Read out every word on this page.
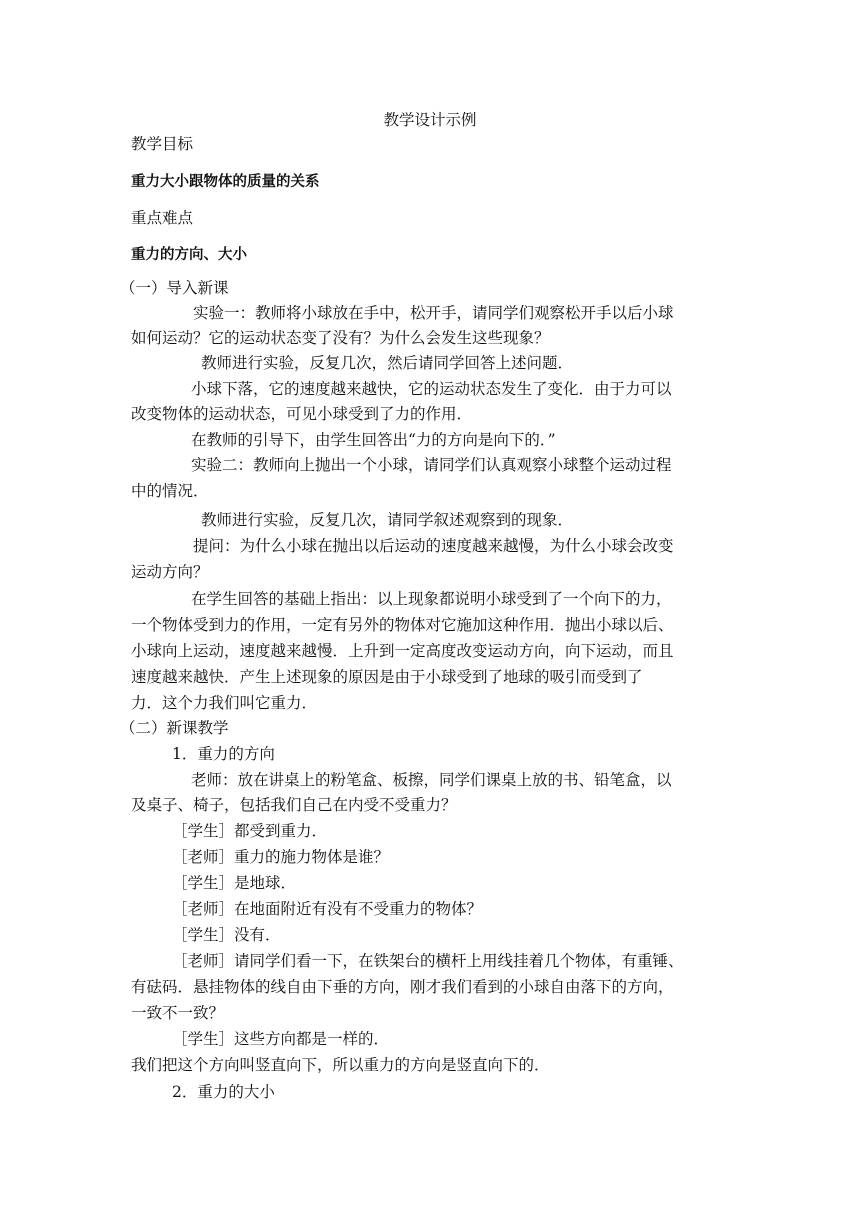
教学设计示例
教学目标
重力大小跟物体的质量的关系
重点难点
重力的方向、大小
（一）导入新课
实验一：教师将小球放在手中，松开手，请同学们观察松开手以后小球
如何运动？它的运动状态变了没有？为什么会发生这些现象？
教师进行实验，反复几次，然后请同学回答上述问题．
小球下落，它的速度越来越快，它的运动状态发生了变化．由于力可以
改变物体的运动状态，可见小球受到了力的作用．
在教师的引导下，由学生回答出“力的方向是向下的．”
实验二：教师向上抛出一个小球，请同学们认真观察小球整个运动过程
中的情况．
教师进行实验，反复几次，请同学叙述观察到的现象．
提问：为什么小球在抛出以后运动的速度越来越慢，为什么小球会改变
运动方向？
在学生回答的基础上指出：以上现象都说明小球受到了一个向下的力，
一个物体受到力的作用，一定有另外的物体对它施加这种作用．抛出小球以后、
小球向上运动，速度越来越慢．上升到一定高度改变运动方向，向下运动，而且
速度越来越快．产生上述现象的原因是由于小球受到了地球的吸引而受到了
力．这个力我们叫它重力．
（二）新课教学
1．重力的方向
老师：放在讲桌上的粉笔盒、板擦，同学们课桌上放的书、铅笔盒，以
及桌子、椅子，包括我们自己在内受不受重力？
［学生］都受到重力．
［老师］重力的施力物体是谁？
［学生］是地球．
［老师］在地面附近有没有不受重力的物体？
［学生］没有．
［老师］请同学们看一下，在铁架台的横杆上用线挂着几个物体，有重锤、
有砝码．悬挂物体的线自由下垂的方向，刚才我们看到的小球自由落下的方向，
一致不一致？
［学生］这些方向都是一样的．
我们把这个方向叫竖直向下，所以重力的方向是竖直向下的．
2．重力的大小
